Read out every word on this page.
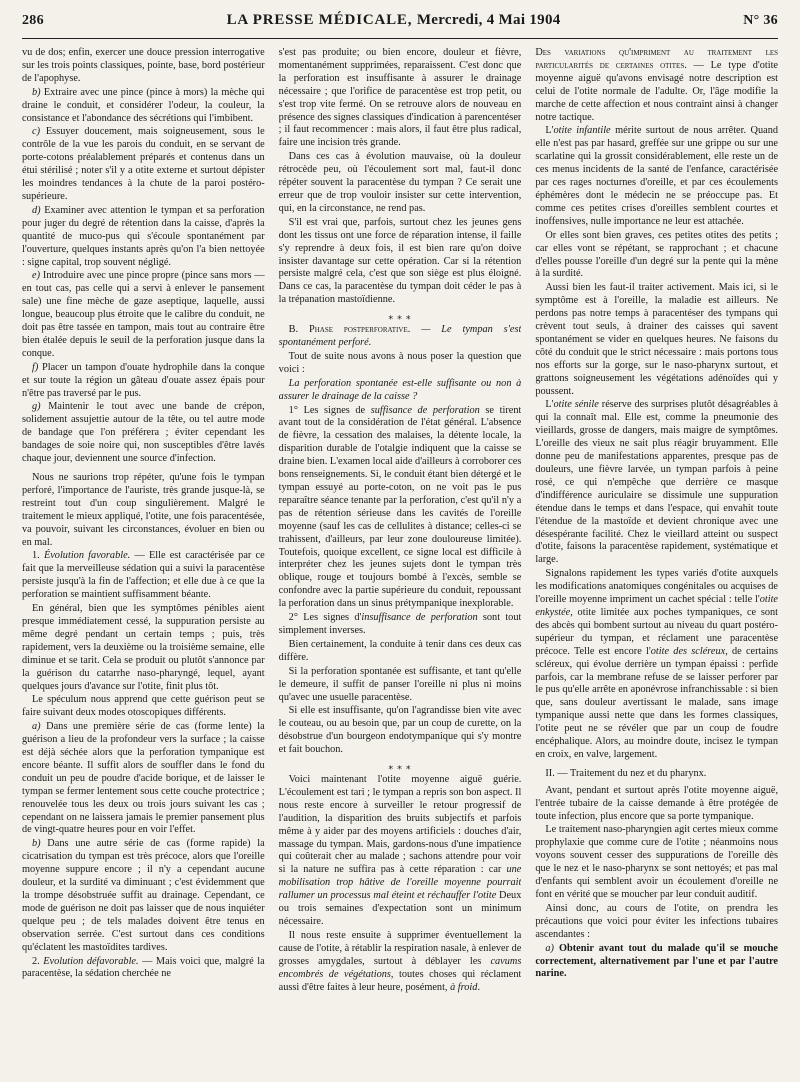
286	LA PRESSE MÉDICALE, Mercredi, 4 Mai 1904	N° 36

vu de dos; enfin, exercer une douce pression interrogative sur les trois points classiques, pointe, base, bord postérieur de l'apophyse.

b) Extraire avec une pince (pince à mors) la mèche qui draine le conduit, et considérer l'odeur, la couleur, la consistance et l'abondance des sécrétions qui l'imbibent.

c) Essuyer doucement, mais soigneusement, sous le contrôle de la vue les parois du conduit, en se servant de porte-cotons préalablement préparés et contenus dans un étui stérilisé ; noter s'il y a otite externe et surtout dépister les moindres tendances à la chute de la paroi postéro-supérieure.

d) Examiner avec attention le tympan et sa perforation pour juger du degré de rétention dans la caisse, d'après la quantité de muco-pus qui s'écoule spontanément par l'ouverture, quelques instants après qu'on l'a bien nettoyée : signe capital, trop souvent négligé.

e) Introduire avec une pince propre (pince sans mors — en tout cas, pas celle qui a servi à enlever le pansement sale) une fine mèche de gaze aseptique, laquelle, aussi longue, beaucoup plus étroite que le calibre du conduit, ne doit pas être tassée en tampon, mais tout au contraire être bien étalée depuis le seuil de la perforation jusque dans la conque.

f) Placer un tampon d'ouate hydrophile dans la conque et sur toute la région un gâteau d'ouate assez épais pour n'être pas traversé par le pus.

g) Maintenir le tout avec une bande de crépon, solidement assujettie autour de la tête, ou tel autre mode de bandage que l'on préférera ; éviter cependant les bandages de soie noire qui, non susceptibles d'être lavés chaque jour, deviennent une source d'infection.

Nous ne saurions trop répéter, qu'une fois le tympan perforé, l'importance de l'auriste, très grande jusque-là, se restreint tout d'un coup singulièrement. Malgré le traitement le mieux appliqué, l'otite, une fois paracentésée, va pouvoir, suivant les circonstances, évoluer en bien ou en mal.

1. Évolution favorable. — Elle est caractérisée par ce fait que la merveilleuse sédation qui a suivi la paracentèse persiste jusqu'à la fin de l'affection; et elle due à ce que la perforation se maintient suffisamment béante.

En général, bien que les symptômes pénibles aient presque immédiatement cessé, la suppuration persiste au même degré pendant un certain temps ; puis, très rapidement, vers la deuxième ou la troisième semaine, elle diminue et se tarit. Cela se produit ou plutôt s'annonce par la guérison du catarrhe naso-pharyngé, lequel, ayant quelques jours d'avance sur l'otite, finit plus tôt.

Le spéculum nous apprend que cette guérison peut se faire suivant deux modes otoscopiques différents.

a) Dans une première série de cas (forme lente) la guérison a lieu de la profondeur vers la surface ; la caisse est déjà séchée alors que la perforation tympanique est encore béante. Il suffit alors de souffler dans le fond du conduit un peu de poudre d'acide borique, et de laisser le tympan se fermer lentement sous cette couche protectrice ; renouvelée tous les deux ou trois jours suivant les cas ; cependant on ne laissera jamais le premier pansement plus de vingt-quatre heures pour en voir l'effet.

b) Dans une autre série de cas (forme rapide) la cicatrisation du tympan est très précoce, alors que l'oreille moyenne suppure encore ; il n'y a cependant aucune douleur, et la surdité va diminuant ; c'est évidemment que la trompe désobstruée suffit au drainage. Cependant, ce mode de guérison ne doit pas laisser que de nous inquiéter quelque peu ; de tels malades doivent être tenus en observation serrée. C'est surtout dans ces conditions qu'éclatent les mastoïdites tardives.

2. Evolution défavorable. — Mais voici que, malgré la paracentèse, la sédation cherchée ne

s'est pas produite; ou bien encore, douleur et fièvre, momentanément supprimées, reparaissent. C'est donc que la perforation est insuffisante à assurer le drainage nécessaire ; que l'orifice de paracentèse est trop petit, ou s'est trop vite fermé. On se retrouve alors de nouveau en présence des signes classiques d'indication à parencentéser ; il faut recommencer : mais alors, il faut être plus radical, faire une incision très grande.

Dans ces cas à évolution mauvaise, où la douleur rétrocède peu, où l'écoulement sort mal, faut-il donc répéter souvent la paracentèse du tympan ? Ce serait une erreur que de trop vouloir insister sur cette intervention, qui, en la circonstance, ne rend pas.

S'il est vrai que, parfois, surtout chez les jeunes gens dont les tissus ont une force de réparation intense, il faille s'y reprendre à deux fois, il est bien rare qu'on doive insister davantage sur cette opération. Car si la rétention persiste malgré cela, c'est que son siège est plus éloigné. Dans ce cas, la paracentèse du tympan doit céder le pas à la trépanation mastoïdienne.

⁎ ⁎ ⁎

B. Phase postperforative. — Le tympan s'est spontanément perforé.

Tout de suite nous avons à nous poser la question que voici :

La perforation spontanée est-elle suffisante ou non à assurer le drainage de la caisse ?

1° Les signes de suffisance de perforation se tirent avant tout de la considération de l'état général. L'absence de fièvre, la cessation des malaises, la détente locale, la disparition durable de l'otalgie indiquent que la caisse se draine bien. L'examen local aide d'ailleurs à corroborer ces bons renseignements. Si, le conduit étant bien détergé et le tympan essuyé au porte-coton, on ne voit pas le pus reparaître séance tenante par la perforation, c'est qu'il n'y a pas de rétention sérieuse dans les cavités de l'oreille moyenne (sauf les cas de cellulites à distance; celles-ci se trahissent, d'ailleurs, par leur zone douloureuse limitée). Toutefois, quoique excellent, ce signe local est difficile à interpréter chez les jeunes sujets dont le tympan très oblique, rouge et toujours bombé à l'excès, semble se confondre avec la partie supérieure du conduit, repoussant la perforation dans un sinus prétympanique inexplorable.

2° Les signes d'insuffisance de perforation sont tout simplement inverses.

Bien certainement, la conduite à tenir dans ces deux cas diffère.

Si la perforation spontanée est suffisante, et tant qu'elle le demeure, il suffit de panser l'oreille ni plus ni moins qu'avec une usuelle paracentèse.

Si elle est insuffisante, qu'on l'agrandisse bien vite avec le couteau, ou au besoin que, par un coup de curette, on la désobstrue d'un bourgeon endotympanique qui s'y montre et fait bouchon.

⁎ ⁎ ⁎

Voici maintenant l'otite moyenne aiguë guérie. L'écoulement est tari ; le tympan a repris son bon aspect. Il nous reste encore à surveiller le retour progressif de l'audition, la disparition des bruits subjectifs et parfois même à y aider par des moyens artificiels : douches d'air, massage du tympan. Mais, gardons-nous d'une impatience qui coûterait cher au malade ; sachons attendre pour voir si la nature ne suffira pas à cette réparation : car une mobilisation trop hâtive de l'oreille moyenne pourrait rallumer un processus mal éteint et réchauffer l'otite Deux ou trois semaines d'expectation sont un minimum nécessaire.

Il nous reste ensuite à supprimer éventuellement la cause de l'otite, à rétablir la respiration nasale, à enlever de grosses amygdales, surtout à déblayer les cavums encombrés de végétations, toutes choses qui réclament aussi d'être faites à leur heure, posément, à froid.

Des variations qu'impriment au traitement les particularités de certaines otites. — Le type d'otite moyenne aiguë qu'avons envisagé notre description est celui de l'otite normale de l'adulte. Or, l'âge modifie la marche de cette affection et nous contraint ainsi à changer notre tactique.

L'otite infantile mérite surtout de nous arrêter. Quand elle n'est pas par hasard, greffée sur une grippe ou sur une scarlatine qui la grossit considérablement, elle reste un de ces menus incidents de la santé de l'enfance, caractérisée par ces rages nocturnes d'oreille, et par ces écoulements éphémères dont le médecin ne se préoccupe pas. Et comme ces petites crises d'oreilles semblent courtes et inoffensives, nulle importance ne leur est attachée.

Or elles sont bien graves, ces petites otites des petits ; car elles vont se répétant, se rapprochant ; et chacune d'elles pousse l'oreille d'un degré sur la pente qui la mène à la surdité.

Aussi bien les faut-il traiter activement. Mais ici, si le symptôme est à l'oreille, la maladie est ailleurs. Ne perdons pas notre temps à paracentéser des tympans qui crèvent tout seuls, à drainer des caisses qui savent spontanément se vider en quelques heures. Ne faisons du côté du conduit que le strict nécessaire : mais portons tous nos efforts sur la gorge, sur le naso-pharynx surtout, et grattons soigneusement les végétations adénoïdes qui y poussent.

L'otite sénile réserve des surprises plutôt désagréables à qui la connaît mal. Elle est, comme la pneumonie des vieillards, grosse de dangers, mais maigre de symptômes. L'oreille des vieux ne sait plus réagir bruyamment. Elle donne peu de manifestations apparentes, presque pas de douleurs, une fièvre larvée, un tympan parfois à peine rosé, ce qui n'empêche que derrière ce masque d'indifférence auriculaire se dissimule une suppuration étendue dans le temps et dans l'espace, qui envahit toute l'étendue de la mastoïde et devient chronique avec une désespérante facilité. Chez le vieillard atteint ou suspect d'otite, faisons la paracentèse rapidement, systématique et large.

Signalons rapidement les types variés d'otite auxquels les modifications anatomiques congénitales ou acquises de l'oreille moyenne impriment un cachet spécial : telle l'otite enkystée, otite limitée aux poches tympaniques, ce sont des abcès qui bombent surtout au niveau du quart postéro-supérieur du tympan, et réclament une paracentèse précoce. Telle est encore l'otite des scléreux, de certains scléreux, qui évolue derrière un tympan épaissi : perfide parfois, car la membrane refuse de se laisser perforer par le pus qu'elle arrête en aponévrose infranchissable : si bien que, sans douleur avertissant le malade, sans image tympanique aussi nette que dans les formes classiques, l'otite peut ne se révéler que par un coup de foudre encéphalique. Alors, au moindre doute, incisez le tympan en croix, en valve, largement.

II. — Traitement du nez et du pharynx.

Avant, pendant et surtout après l'otite moyenne aiguë, l'entrée tubaire de la caisse demande à être protégée de toute infection, plus encore que sa porte tympanique.

Le traitement naso-pharyngien agit certes mieux comme prophylaxie que comme cure de l'otite ; néanmoins nous voyons souvent cesser des suppurations de l'oreille dès que le nez et le naso-pharynx se sont nettoyés; et pas mal d'enfants qui semblent avoir un écoulement d'oreille ne font en vérité que se moucher par leur conduit auditif.

Ainsi donc, au cours de l'otite, on prendra les précautions que voici pour éviter les infections tubaires ascendantes :

a) Obtenir avant tout du malade qu'il se mouche correctement, alternativement par l'une et par l'autre narine.
